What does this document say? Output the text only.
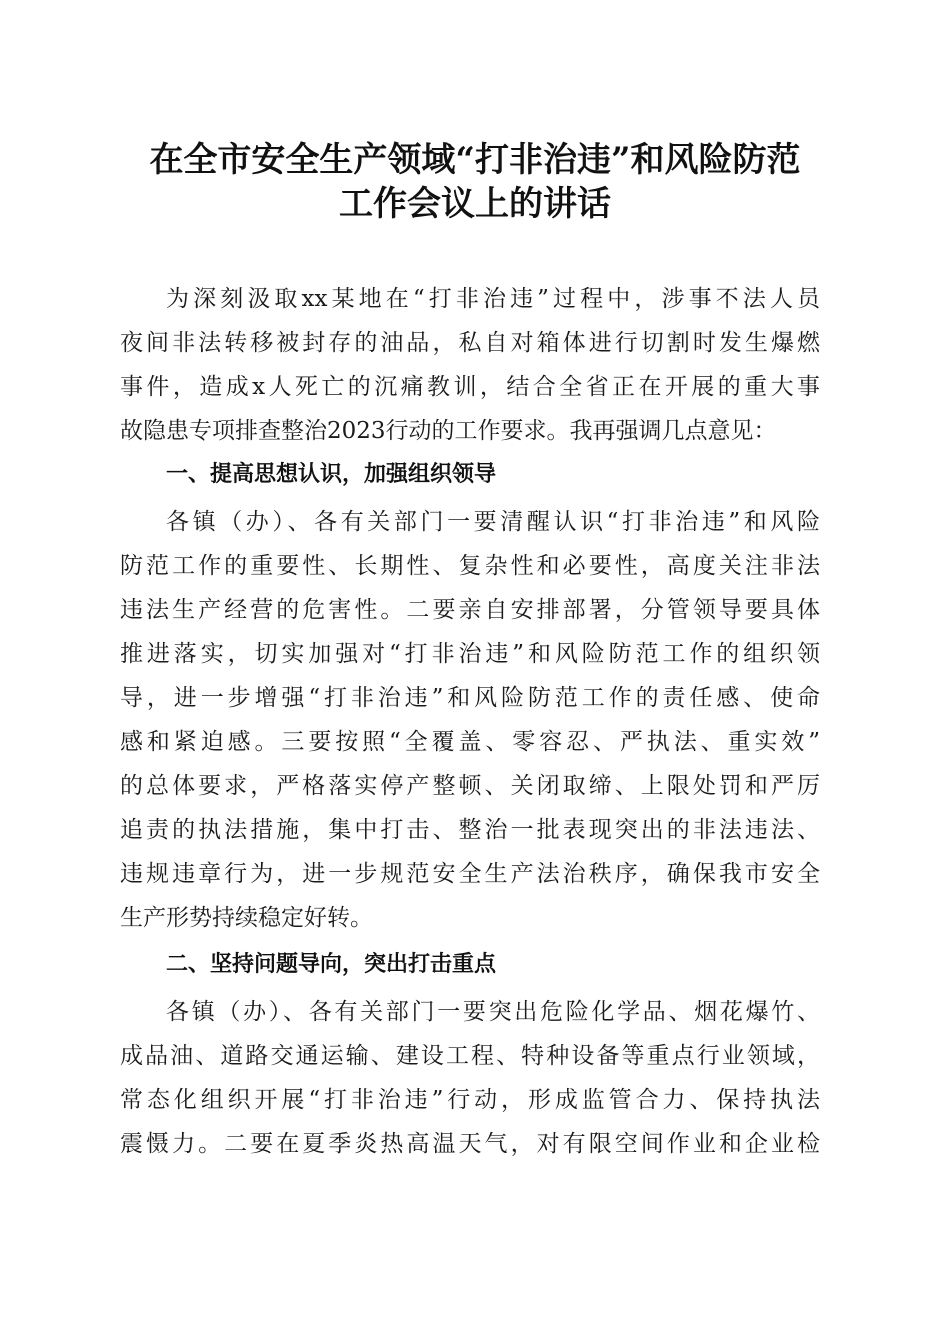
在全市安全生产领域“打非治违”和风险防范
工作会议上的讲话
为深刻汲取xx某地在“打非治违”过程中，涉事不法人员
夜间非法转移被封存的油品，私自对箱体进行切割时发生爆燃
事件，造成x人死亡的沉痛教训，结合全省正在开展的重大事
故隐患专项排查整治2023行动的工作要求。我再强调几点意见：
一、提高思想认识，加强组织领导
各镇（办）、各有关部门一要清醒认识“打非治违”和风险
防范工作的重要性、长期性、复杂性和必要性，高度关注非法
违法生产经营的危害性。二要亲自安排部署，分管领导要具体
推进落实，切实加强对“打非治违”和风险防范工作的组织领
导，进一步增强“打非治违”和风险防范工作的责任感、使命
感和紧迫感。三要按照“全覆盖、零容忍、严执法、重实效”
的总体要求，严格落实停产整顿、关闭取缔、上限处罚和严厉
追责的执法措施，集中打击、整治一批表现突出的非法违法、
违规违章行为，进一步规范安全生产法治秩序，确保我市安全
生产形势持续稳定好转。
二、坚持问题导向，突出打击重点
各镇（办）、各有关部门一要突出危险化学品、烟花爆竹、
成品油、道路交通运输、建设工程、特种设备等重点行业领域，
常态化组织开展“打非治违”行动，形成监管合力、保持执法
震慑力。二要在夏季炎热高温天气，对有限空间作业和企业检
